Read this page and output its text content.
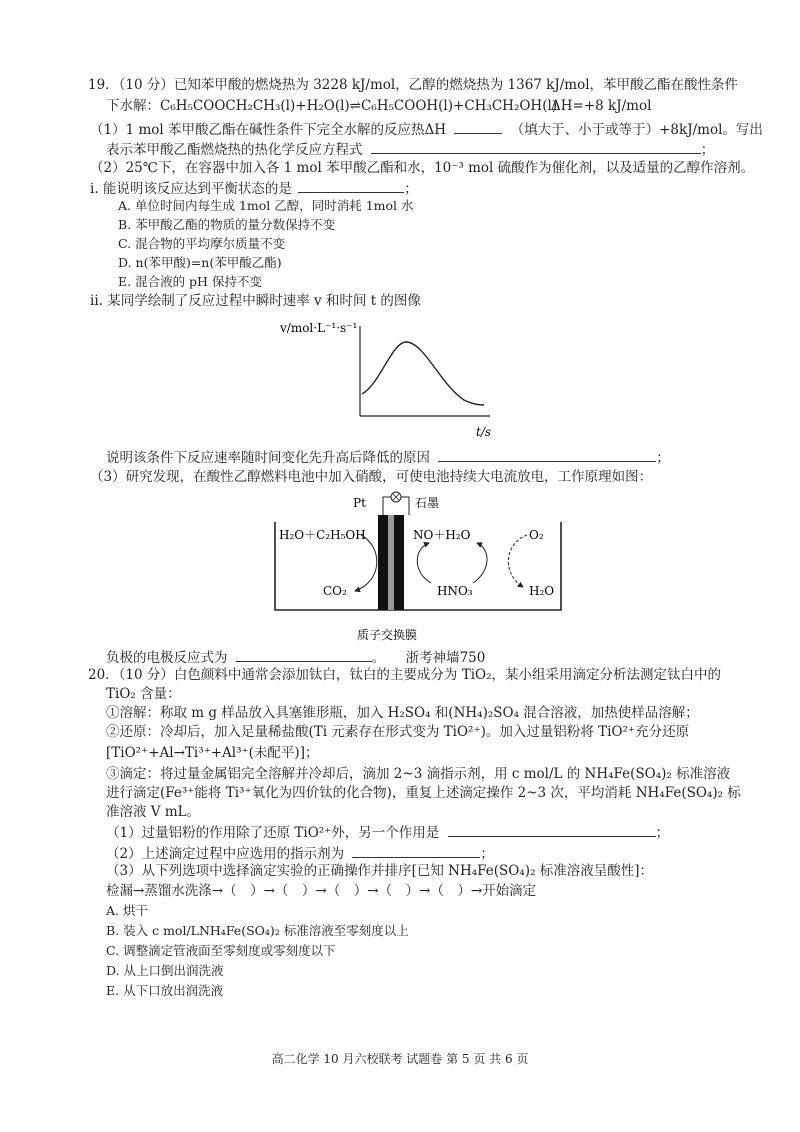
19．（10 分）已知苯甲酸的燃烧热为 3228 kJ/mol，乙醇的燃烧热为 1367 kJ/mol，苯甲酸乙酯在酸性条件
下水解：C₆H₅COOCH₂CH₃(l)+H₂O(l)⇌C₆H₅COOH(l)+CH₃CH₂OH(l)
ΔH=+8 kJ/mol
（1）1 mol 苯甲酸乙酯在碱性条件下完全水解的反应热ΔH	（填大于、小于或等于）+8kJ/mol。写出
表示苯甲酸乙酯燃烧热的热化学反应方程式	；
（2）25℃下，在容器中加入各 1 mol 苯甲酸乙酯和水，10⁻³ mol 硫酸作为催化剂，以及适量的乙醇作溶剂。
i. 能说明该反应达到平衡状态的是	；
A. 单位时间内每生成 1mol 乙醇，同时消耗 1mol 水
B. 苯甲酸乙酯的物质的量分数保持不变
C. 混合物的平均摩尔质量不变
D. n(苯甲酸)=n(苯甲酸乙酯)
E. 混合液的 pH 保持不变
ii. 某同学绘制了反应过程中瞬时速率 v 和时间 t 的图像
v/mol·L⁻¹·s⁻¹
t/s
说明该条件下反应速率随时间变化先升高后降低的原因	；
（3）研究发现，在酸性乙醇燃料电池中加入硝酸，可使电池持续大电流放电，工作原理如图：
Pt	石墨
H₂O＋C₂H₅OH
CO₂
NO＋H₂O	O₂
HNO₃	H₂O
质子交换膜
负极的电极反应式为	。 浙考神墙750
20．（10 分）白色颜料中通常会添加钛白，钛白的主要成分为 TiO₂，某小组采用滴定分析法测定钛白中的
TiO₂ 含量：
①溶解：称取 m g 样品放入具塞锥形瓶，加入 H₂SO₄ 和(NH₄)₂SO₄ 混合溶液，加热使样品溶解；
②还原：冷却后，加入足量稀盐酸(Ti 元素存在形式变为 TiO²⁺)。加入过量铝粉将 TiO²⁺充分还原
[TiO²⁺+Al→Ti³⁺+Al³⁺(未配平)]；
③滴定：将过量金属铝完全溶解并冷却后，滴加 2~3 滴指示剂，用 c mol/L 的 NH₄Fe(SO₄)₂ 标准溶液
进行滴定(Fe³⁺能将 Ti³⁺氧化为四价钛的化合物)，重复上述滴定操作 2~3 次，平均消耗 NH₄Fe(SO₄)₂ 标
准溶液 V mL。
（1）过量铝粉的作用除了还原 TiO²⁺外，另一个作用是	；
（2）上述滴定过程中应选用的指示剂为	；
（3）从下列选项中选择滴定实验的正确操作并排序[已知 NH₄Fe(SO₄)₂ 标准溶液呈酸性]：
检漏→蒸馏水洗涤→（　）→（　）→（　）→（　）→（　）→开始滴定
A. 烘干
B. 装入 c mol/LNH₄Fe(SO₄)₂ 标准溶液至零刻度以上
C. 调整滴定管液面至零刻度或零刻度以下
D. 从上口倒出润洗液
E. 从下口放出润洗液
高二化学 10 月六校联考 试题卷 第 5 页 共 6 页
